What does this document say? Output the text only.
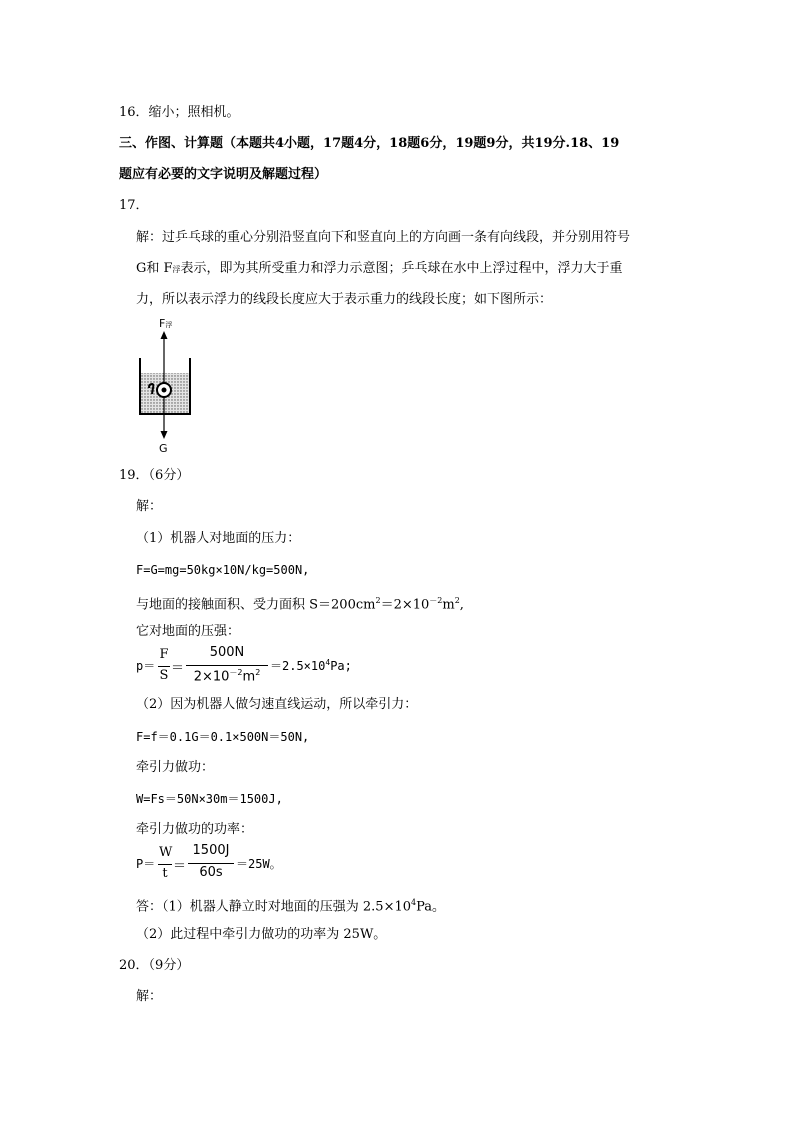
16．缩小；照相机。
三、作图、计算题（本题共4小题，17题4分，18题6分，19题9分，共19分.18、19
题应有必要的文字说明及解题过程）
17．
解：过乒乓球的重心分别沿竖直向下和竖直向上的方向画一条有向线段，并分别用符号
G和 F浮表示，即为其所受重力和浮力示意图；乒乓球在水中上浮过程中，浮力大于重
力，所以表示浮力的线段长度应大于表示重力的线段长度；如下图所示：
F浮
G
19．（6分）
解：
（1）机器人对地面的压力：
F=G=mg=50kg×10N/kg=500N,
与地面的接触面积、受力面积 $S=200cm^2=2\times 10^{-2}m^2$,
它对地面的压强：
p＝
F
S ＝
500N
$2\times 10^{-2}m^2 =2.5\times 10^4Pa$;
（2）因为机器人做匀速直线运动，所以牵引力：
F=f＝0.1G＝0.1×500N＝50N,
牵引力做功：
W=Fs＝50N×30m＝1500J,
牵引力做功的功率：
P＝
W
t ＝
1500J
60s
＝25W。
答：（1）机器人静立时对地面的压强为 $2.5\times 10^4Pa$。
（2）此过程中牵引力做功的功率为 25W。
20．（9分）
解：
